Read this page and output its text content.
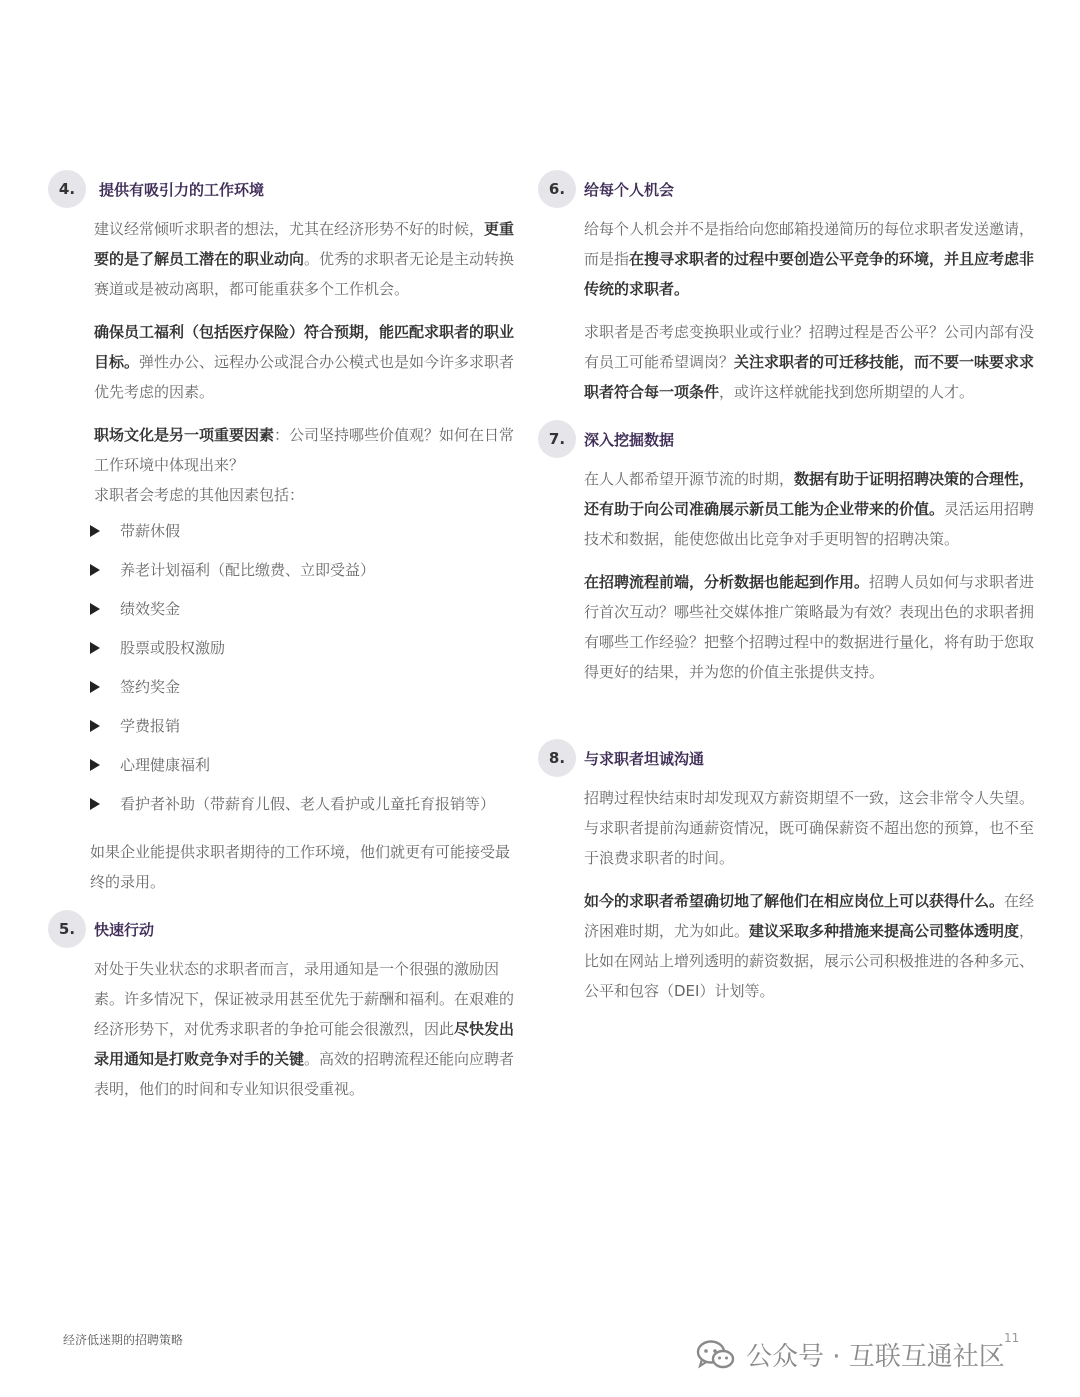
4.	提供有吸引力的工作环境

建议经常倾听求职者的想法，尤其在经济形势不好的时候，更重要的是了解员工潜在的职业动向。优秀的求职者无论是主动转换赛道或是被动离职，都可能重获多个工作机会。

确保员工福利（包括医疗保险）符合预期，能匹配求职者的职业目标。弹性办公、远程办公或混合办公模式也是如今许多求职者优先考虑的因素。

职场文化是另一项重要因素：公司坚持哪些价值观？如何在日常工作环境中体现出来？

求职者会考虑的其他因素包括：

带薪休假
养老计划福利（配比缴费、立即受益）
绩效奖金
股票或股权激励
签约奖金
学费报销
心理健康福利
看护者补助（带薪育儿假、老人看护或儿童托育报销等）

如果企业能提供求职者期待的工作环境，他们就更有可能接受最终的录用。

5.	快速行动

对处于失业状态的求职者而言，录用通知是一个很强的激励因素。许多情况下，保证被录用甚至优先于薪酬和福利。在艰难的经济形势下，对优秀求职者的争抢可能会很激烈，因此尽快发出录用通知是打败竞争对手的关键。高效的招聘流程还能向应聘者表明，他们的时间和专业知识很受重视。

6.	给每个人机会

给每个人机会并不是指给向您邮箱投递简历的每位求职者发送邀请，而是指在搜寻求职者的过程中要创造公平竞争的环境，并且应考虑非传统的求职者。

求职者是否考虑变换职业或行业？招聘过程是否公平？公司内部有没有员工可能希望调岗？关注求职者的可迁移技能，而不要一味要求求职者符合每一项条件，或许这样就能找到您所期望的人才。

7.	深入挖掘数据

在人人都希望开源节流的时期，数据有助于证明招聘决策的合理性，还有助于向公司准确展示新员工能为企业带来的价值。灵活运用招聘技术和数据，能使您做出比竞争对手更明智的招聘决策。

在招聘流程前端，分析数据也能起到作用。招聘人员如何与求职者进行首次互动？哪些社交媒体推广策略最为有效？表现出色的求职者拥有哪些工作经验？把整个招聘过程中的数据进行量化，将有助于您取得更好的结果，并为您的价值主张提供支持。

8.	与求职者坦诚沟通

招聘过程快结束时却发现双方薪资期望不一致，这会非常令人失望。与求职者提前沟通薪资情况，既可确保薪资不超出您的预算，也不至于浪费求职者的时间。

如今的求职者希望确切地了解他们在相应岗位上可以获得什么。在经济困难时期，尤为如此。建议采取多种措施来提高公司整体透明度，比如在网站上增列透明的薪资数据，展示公司积极推进的各种多元、公平和包容（DEI）计划等。

经济低迷期的招聘策略	11
公众号 · 互联互通社区
